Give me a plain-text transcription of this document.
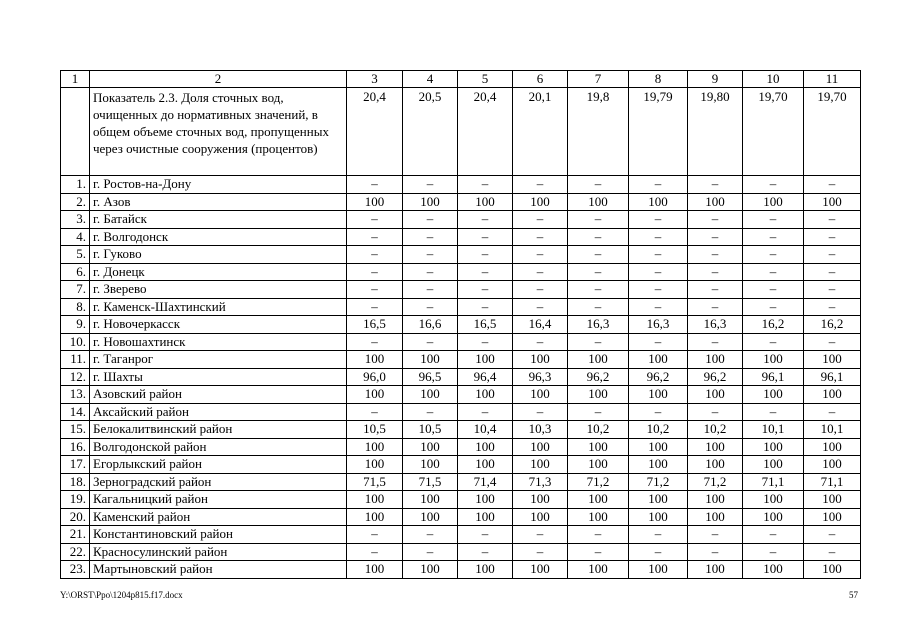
1	2	3	4	5	6	7	8	9	10	11
	Показатель 2.3. Доля сточных вод, очищенных до нормативных значений, в общем объеме сточных вод, пропущенных через очистные сооружения (процентов)	20,4	20,5	20,4	20,1	19,8	19,79	19,80	19,70	19,70
1.	г. Ростов-на-Дону	–	–	–	–	–	–	–	–	–
2.	г. Азов	100	100	100	100	100	100	100	100	100
3.	г. Батайск	–	–	–	–	–	–	–	–	–
4.	г. Волгодонск	–	–	–	–	–	–	–	–	–
5.	г. Гуково	–	–	–	–	–	–	–	–	–
6.	г. Донецк	–	–	–	–	–	–	–	–	–
7.	г. Зверево	–	–	–	–	–	–	–	–	–
8.	г. Каменск-Шахтинский	–	–	–	–	–	–	–	–	–
9.	г. Новочеркасск	16,5	16,6	16,5	16,4	16,3	16,3	16,3	16,2	16,2
10.	г. Новошахтинск	–	–	–	–	–	–	–	–	–
11.	г. Таганрог	100	100	100	100	100	100	100	100	100
12.	г. Шахты	96,0	96,5	96,4	96,3	96,2	96,2	96,2	96,1	96,1
13.	Азовский район	100	100	100	100	100	100	100	100	100
14.	Аксайский район	–	–	–	–	–	–	–	–	–
15.	Белокалитвинский район	10,5	10,5	10,4	10,3	10,2	10,2	10,2	10,1	10,1
16.	Волгодонской район	100	100	100	100	100	100	100	100	100
17.	Егорлыкский район	100	100	100	100	100	100	100	100	100
18.	Зерноградский район	71,5	71,5	71,4	71,3	71,2	71,2	71,2	71,1	71,1
19.	Кагальницкий район	100	100	100	100	100	100	100	100	100
20.	Каменский район	100	100	100	100	100	100	100	100	100
21.	Константиновский район	–	–	–	–	–	–	–	–	–
22.	Красносулинский район	–	–	–	–	–	–	–	–	–
23.	Мартыновский район	100	100	100	100	100	100	100	100	100
Y:\ORST\Ppo\1204p815.f17.docx	57
